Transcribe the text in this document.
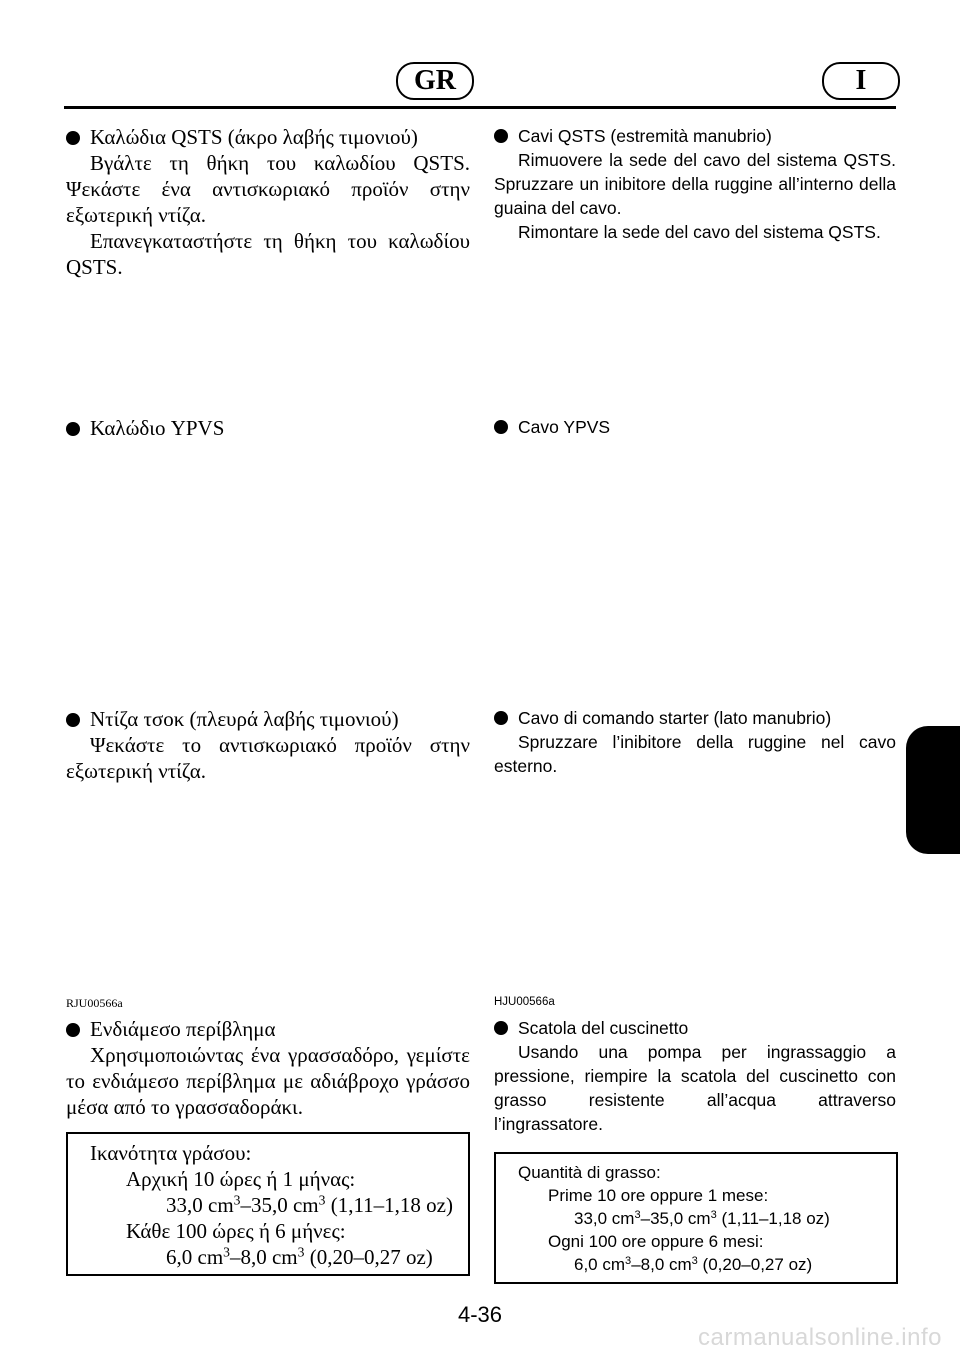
GR	I
Καλώδια QSTS (άκρο λαβής τιμονιού)
Βγάλτε τη θήκη του καλωδίου QSTS. Ψεκάστε ένα αντισκωριακό προϊόν στην εξωτερική ντίζα.
Επανεγκαταστήστε τη θήκη του καλωδίου QSTS.
Καλώδιο YPVS
Ντίζα τσοκ (πλευρά λαβής τιμονιού)
Ψεκάστε το αντισκωριακό προϊόν στην εξωτερική ντίζα.
RJU00566a
Ενδιάμεσο περίβλημα
Χρησιμοποιώντας ένα γρασσαδόρο, γεμίστε το ενδιάμεσο περίβλημα με αδιάβροχο γράσσο μέσα από το γρασσαδοράκι.
Ικανότητα γράσου:
Αρχική 10 ώρες ή 1 μήνας:
33,0 $cm^3-35,0$ $cm^3$ (1,11–1,18 oz)
Κάθε 100 ώρες ή 6 μήνες:
6,0 $cm^3-8,0$ $cm^3$ (0,20–0,27 oz)
Cavi QSTS (estremità manubrio)
Rimuovere la sede del cavo del sistema QSTS. Spruzzare un inibitore della ruggine all’interno della guaina del cavo.
Rimontare la sede del cavo del sistema QSTS.
Cavo YPVS
Cavo di comando starter (lato manubrio)
Spruzzare l’inibitore della ruggine nel cavo esterno.
HJU00566a
Scatola del cuscinetto
Usando una pompa per ingrassaggio a pressione, riempire la scatola del cuscinetto con grasso resistente all’acqua attraverso l’ingrassatore.
Quantità di grasso:
Prime 10 ore oppure 1 mese:
33,0 $cm^3-35,0$ $cm^3$ (1,11–1,18 oz)
Ogni 100 ore oppure 6 mesi:
6,0 $cm^3-8,0$ $cm^3$ (0,20–0,27 oz)
4-36
carmanualsonline.info
